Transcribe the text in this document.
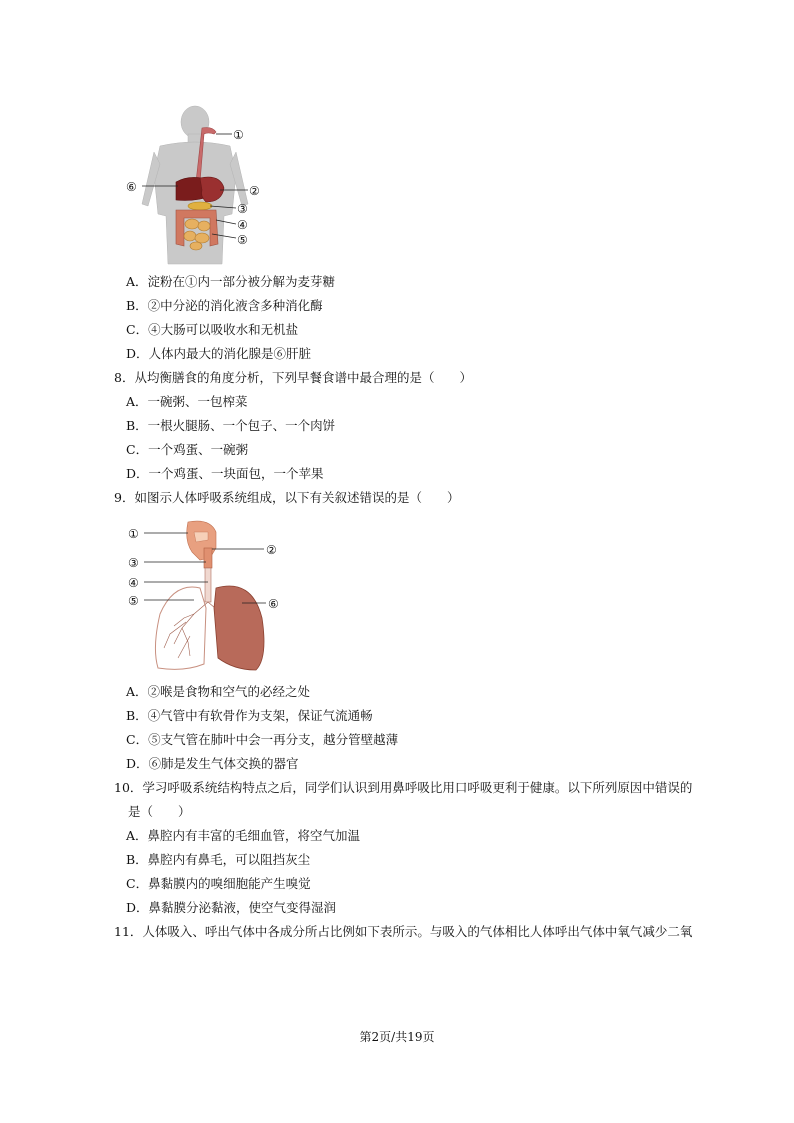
①
⑥	②
③
④
⑤
A．淀粉在①内一部分被分解为麦芽糖
B．②中分泌的消化液含多种消化酶
C．④大肠可以吸收水和无机盐
D．人体内最大的消化腺是⑥肝脏
8．从均衡膳食的角度分析，下列早餐食谱中最合理的是（　　）
A．一碗粥、一包榨菜
B．一根火腿肠、一个包子、一个肉饼
C．一个鸡蛋、一碗粥
D．一个鸡蛋、一块面包，一个苹果
9．如图示人体呼吸系统组成，以下有关叙述错误的是（　　）
①
②
③
④
⑤	⑥
A．②喉是食物和空气的必经之处
B．④气管中有软骨作为支架，保证气流通畅
C．⑤支气管在肺叶中会一再分支，越分管壁越薄
D．⑥肺是发生气体交换的器官
10．学习呼吸系统结构特点之后，同学们认识到用鼻呼吸比用口呼吸更利于健康。以下所列原因中错误的
是（　　）
A．鼻腔内有丰富的毛细血管，将空气加温
B．鼻腔内有鼻毛，可以阻挡灰尘
C．鼻黏膜内的嗅细胞能产生嗅觉
D．鼻黏膜分泌黏液，使空气变得湿润
11．人体吸入、呼出气体中各成分所占比例如下表所示。与吸入的气体相比人体呼出气体中氧气减少二氧
第2页/共19页
